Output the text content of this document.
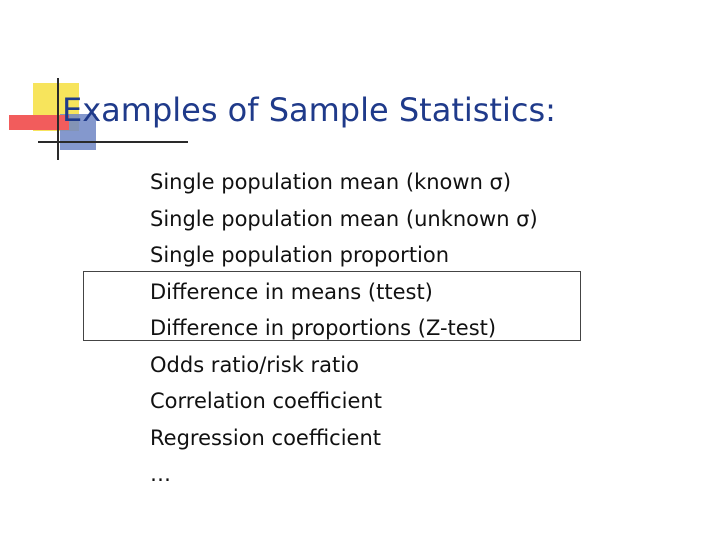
Examples of Sample Statistics:
Single population mean (known σ)
Single population mean (unknown σ)
Single population proportion
Difference in means (ttest)
Difference in proportions (Z-test)
Odds ratio/risk ratio
Correlation coefficient
Regression coefficient
…
